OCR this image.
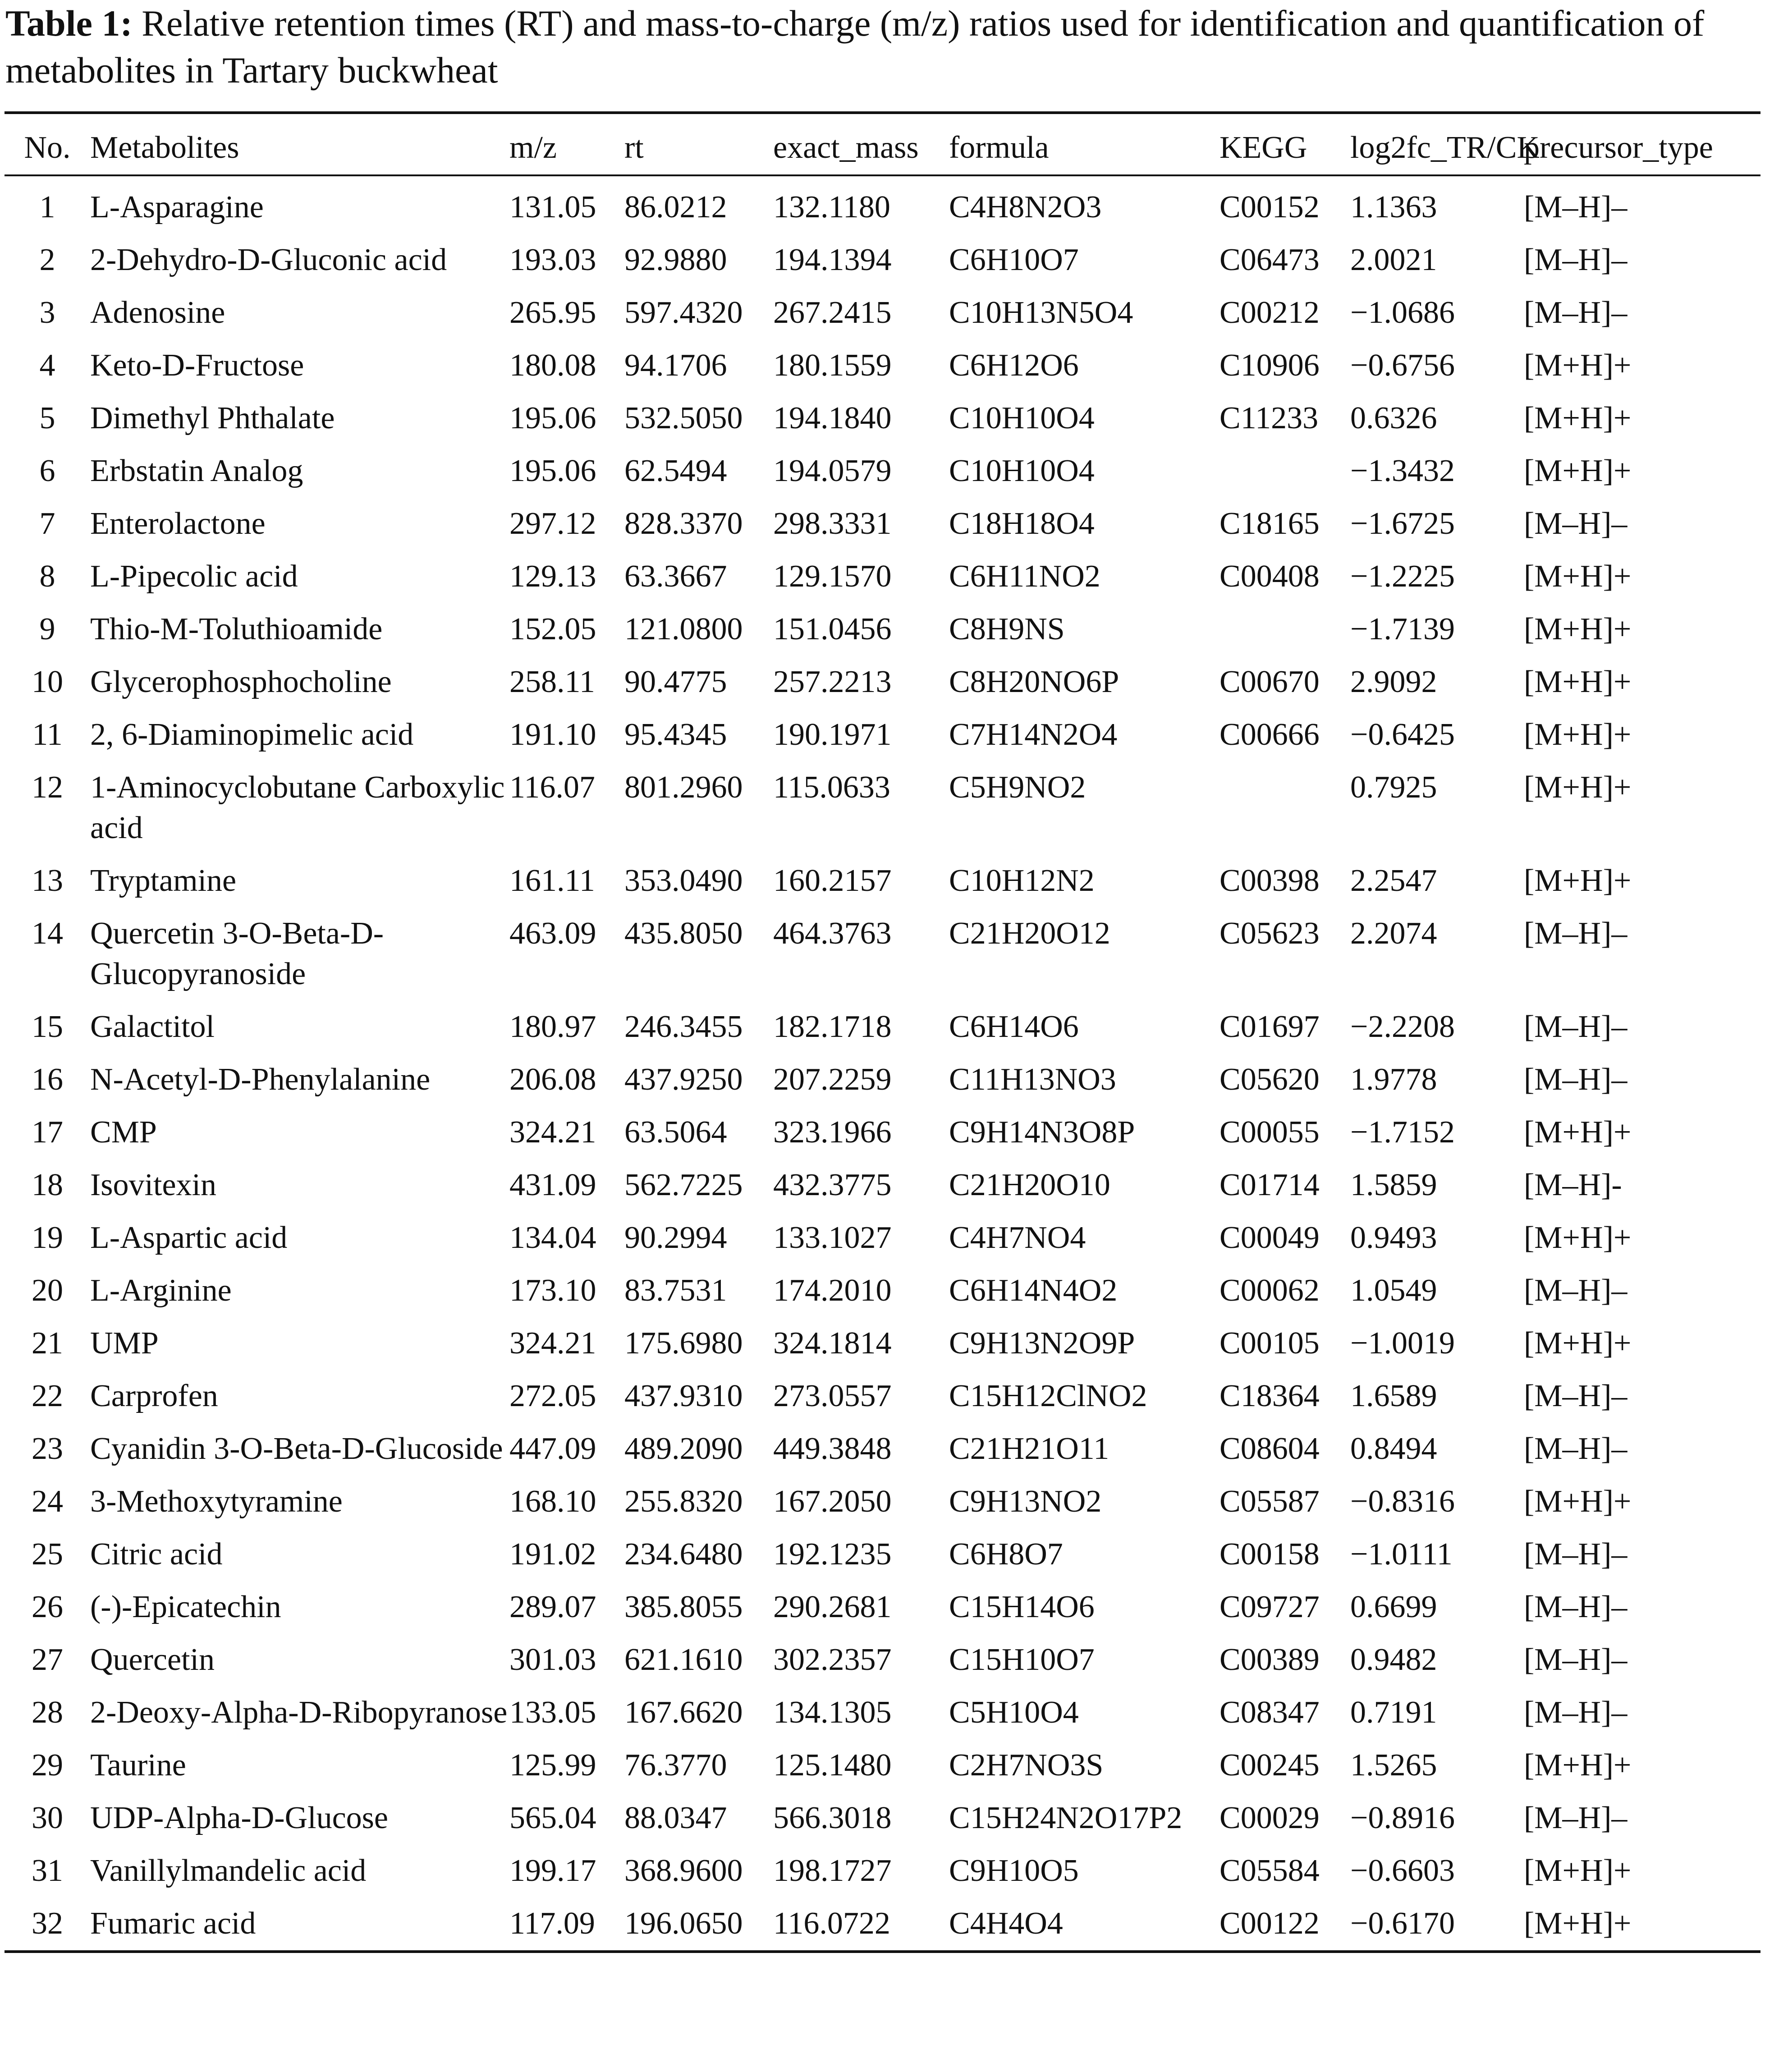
Table 1: Relative retention times (RT) and mass-to-charge (m/z) ratios used for identification and quantification of metabolites in Tartary buckwheat
No.	Metabolites	m/z	rt	exact_mass	formula	KEGG	log2fc_TR/CK	precursor_type
1	L-Asparagine	131.05	86.0212	132.1180	C4H8N2O3	C00152	1.1363	[M–H]–
2	2-Dehydro-D-Gluconic acid	193.03	92.9880	194.1394	C6H10O7	C06473	2.0021	[M–H]–
3	Adenosine	265.95	597.4320	267.2415	C10H13N5O4	C00212	−1.0686	[M–H]–
4	Keto-D-Fructose	180.08	94.1706	180.1559	C6H12O6	C10906	−0.6756	[M+H]+
5	Dimethyl Phthalate	195.06	532.5050	194.1840	C10H10O4	C11233	0.6326	[M+H]+
6	Erbstatin Analog	195.06	62.5494	194.0579	C10H10O4		−1.3432	[M+H]+
7	Enterolactone	297.12	828.3370	298.3331	C18H18O4	C18165	−1.6725	[M–H]–
8	L-Pipecolic acid	129.13	63.3667	129.1570	C6H11NO2	C00408	−1.2225	[M+H]+
9	Thio-M-Toluthioamide	152.05	121.0800	151.0456	C8H9NS		−1.7139	[M+H]+
10	Glycerophosphocholine	258.11	90.4775	257.2213	C8H20NO6P	C00670	2.9092	[M+H]+
11	2, 6-Diaminopimelic acid	191.10	95.4345	190.1971	C7H14N2O4	C00666	−0.6425	[M+H]+
12	1-Aminocyclobutane Carboxylic acid	116.07	801.2960	115.0633	C5H9NO2		0.7925	[M+H]+
13	Tryptamine	161.11	353.0490	160.2157	C10H12N2	C00398	2.2547	[M+H]+
14	Quercetin 3-O-Beta-D-Glucopyranoside	463.09	435.8050	464.3763	C21H20O12	C05623	2.2074	[M–H]–
15	Galactitol	180.97	246.3455	182.1718	C6H14O6	C01697	−2.2208	[M–H]–
16	N-Acetyl-D-Phenylalanine	206.08	437.9250	207.2259	C11H13NO3	C05620	1.9778	[M–H]–
17	CMP	324.21	63.5064	323.1966	C9H14N3O8P	C00055	−1.7152	[M+H]+
18	Isovitexin	431.09	562.7225	432.3775	C21H20O10	C01714	1.5859	[M–H]-
19	L-Aspartic acid	134.04	90.2994	133.1027	C4H7NO4	C00049	0.9493	[M+H]+
20	L-Arginine	173.10	83.7531	174.2010	C6H14N4O2	C00062	1.0549	[M–H]–
21	UMP	324.21	175.6980	324.1814	C9H13N2O9P	C00105	−1.0019	[M+H]+
22	Carprofen	272.05	437.9310	273.0557	C15H12ClNO2	C18364	1.6589	[M–H]–
23	Cyanidin 3-O-Beta-D-Glucoside	447.09	489.2090	449.3848	C21H21O11	C08604	0.8494	[M–H]–
24	3-Methoxytyramine	168.10	255.8320	167.2050	C9H13NO2	C05587	−0.8316	[M+H]+
25	Citric acid	191.02	234.6480	192.1235	C6H8O7	C00158	−1.0111	[M–H]–
26	(-)-Epicatechin	289.07	385.8055	290.2681	C15H14O6	C09727	0.6699	[M–H]–
27	Quercetin	301.03	621.1610	302.2357	C15H10O7	C00389	0.9482	[M–H]–
28	2-Deoxy-Alpha-D-Ribopyranose	133.05	167.6620	134.1305	C5H10O4	C08347	0.7191	[M–H]–
29	Taurine	125.99	76.3770	125.1480	C2H7NO3S	C00245	1.5265	[M+H]+
30	UDP-Alpha-D-Glucose	565.04	88.0347	566.3018	C15H24N2O17P2	C00029	−0.8916	[M–H]–
31	Vanillylmandelic acid	199.17	368.9600	198.1727	C9H10O5	C05584	−0.6603	[M+H]+
32	Fumaric acid	117.09	196.0650	116.0722	C4H4O4	C00122	−0.6170	[M+H]+
